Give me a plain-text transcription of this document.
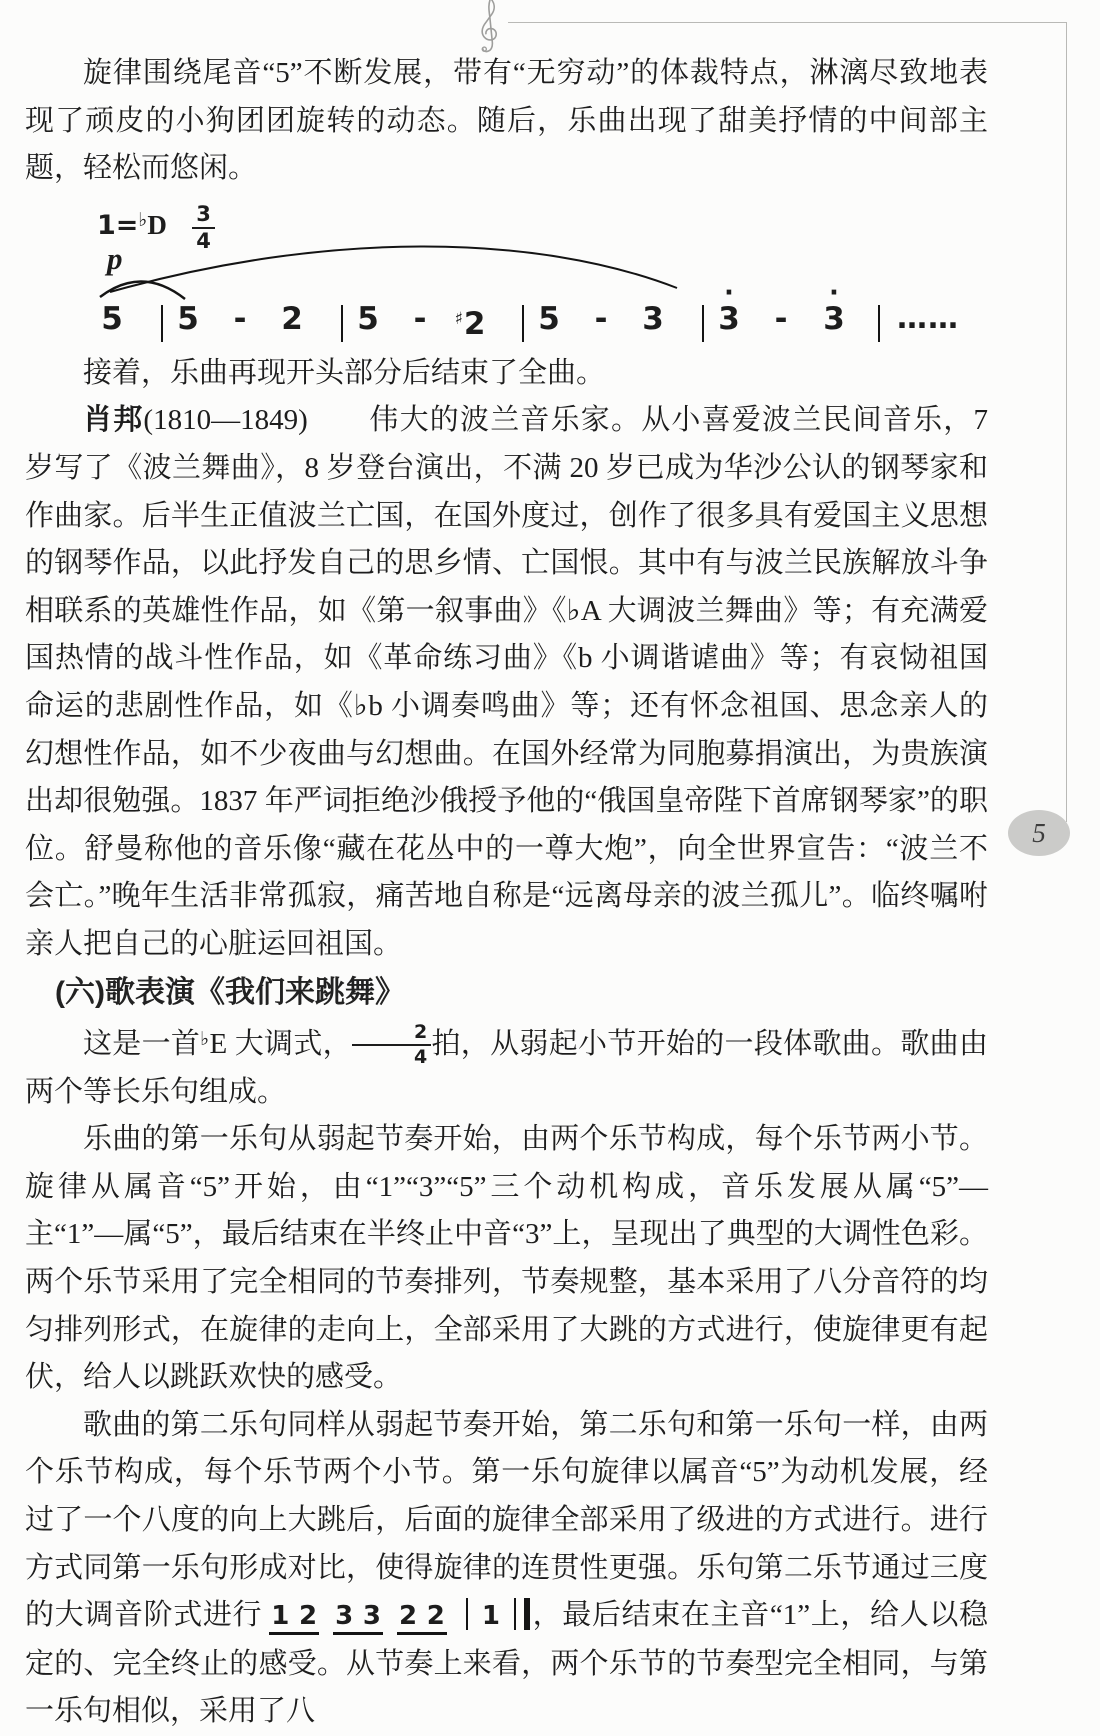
5

旋律围绕尾音“5”不断发展，带有“无穷动”的体裁特点，淋漓尽致地表现了顽皮的小狗团团旋转的动态。随后，乐曲出现了甜美抒情的中间部主题，轻松而悠闲。

$1=^♭D \frac{3}{4}$
p
5 5 - 2 5 - ♯2 5 - 3
·
3 -
·
3 ……

接着，乐曲再现开头部分后结束了全曲。

肖邦(1810—1849)　　 伟大的波兰音乐家。从小喜爱波兰民间音乐，7 岁写了《波兰舞曲》，8 岁登台演出，不满 20 岁已成为华沙公认的钢琴家和作曲家。后半生正值波兰亡国，在国外度过，创作了很多具有爱国主义思想的钢琴作品，以此抒发自己的思乡情、亡国恨。其中有与波兰民族解放斗争相联系的英雄性作品，如《第一叙事曲》《♭A 大调波兰舞曲》等；有充满爱国热情的战斗性作品，如《革命练习曲》《b 小调谐谑曲》等；有哀恸祖国命运的悲剧性作品，如《♭b 小调奏鸣曲》等；还有怀念祖国、思念亲人的幻想性作品，如不少夜曲与幻想曲。在国外经常为同胞募捐演出，为贵族演出却很勉强。1837 年严词拒绝沙俄授予他的“俄国皇帝陛下首席钢琴家”的职位。舒曼称他的音乐像“藏在花丛中的一尊大炮”，向全世界宣告：“波兰不会亡。”晚年生活非常孤寂，痛苦地自称是“远离母亲的波兰孤儿”。临终嘱咐亲人把自己的心脏运回祖国。

(六)歌表演《我们来跳舞》

这是一首♭E 大调式， $\frac{2}{4}$ 拍，从弱起小节开始的一段体歌曲。歌曲由两个等长乐句组成。

乐曲的第一乐句从弱起节奏开始，由两个乐节构成，每个乐节两小节。旋律从属音“5”开始，由“1”“3”“5”三个动机构成，音乐发展从属“5”—主“1”—属“5”，最后结束在半终止中音“3”上，呈现出了典型的大调性色彩。两个乐节采用了完全相同的节奏排列，节奏规整，基本采用了八分音符的均匀排列形式，在旋律的走向上，全部采用了大跳的方式进行，使旋律更有起伏，给人以跳跃欢快的感受。

歌曲的第二乐句同样从弱起节奏开始，第二乐句和第一乐句一样，由两个乐节构成，每个乐节两个小节。第一乐句旋律以属音“5”为动机发展，经过了一个八度的向上大跳后，后面的旋律全部采用了级进的方式进行。进行方式同第一乐句形成对比，使得旋律的连贯性更强。乐句第二乐节通过三度的大调音阶式进行 1 2 3 3 2 2 1 ，最后结束在主音“1”上，给人以稳定的、完全终止的感受。从节奏上来看，两个乐节的节奏型完全相同，与第一乐句相似，采用了八
